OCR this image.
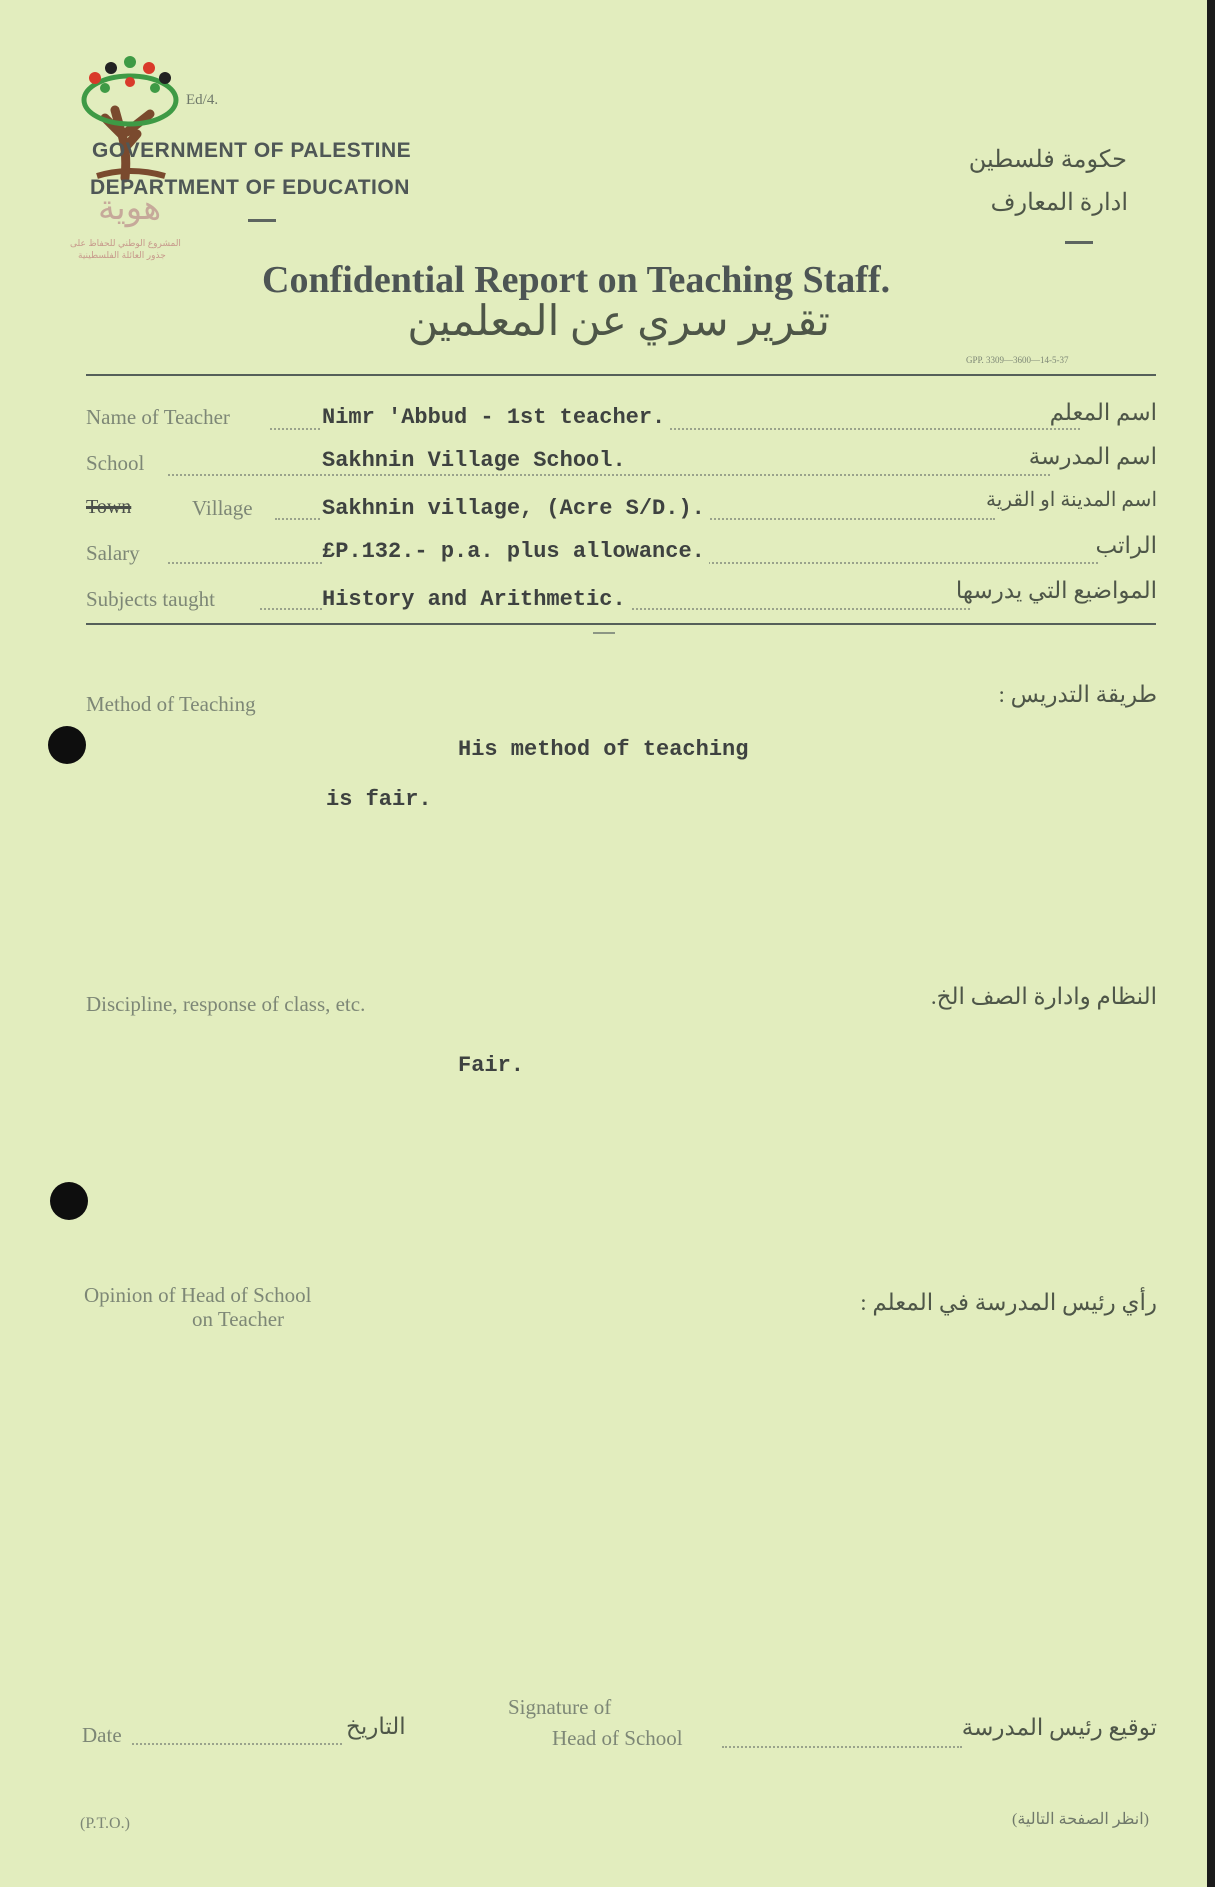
هوية
المشروع الوطني للحفاظ على
جذور العائلة الفلسطينية
Ed/4.
GOVERNMENT OF PALESTINE
DEPARTMENT OF EDUCATION
حكومة فلسطين
ادارة المعارف
Confidential Report on Teaching Staff.
تقرير سري عن المعلمين
GPP. 3309—3600—14-5-37
Name of Teacher	Nimr 'Abbud - 1st teacher.	اسم المعلم
School	Sakhnin Village School.	اسم المدرسة
Town	Village	Sakhnin village, (Acre S/D.).	اسم المدينة او القرية
Salary	£P.132.- p.a. plus allowance.	الراتب
Subjects taught	History and Arithmetic.	المواضيع التي يدرسها
Method of Teaching	طريقة التدريس :
His method of teaching
is fair.
Discipline, response of class, etc.	النظام وادارة الصف الخ.
Fair.
Opinion of Head of School
on Teacher
رأي رئيس المدرسة في المعلم :
Date	التاريخ
Signature of
Head of School	توقيع رئيس المدرسة
(P.T.O.)	(انظر الصفحة التالية)
